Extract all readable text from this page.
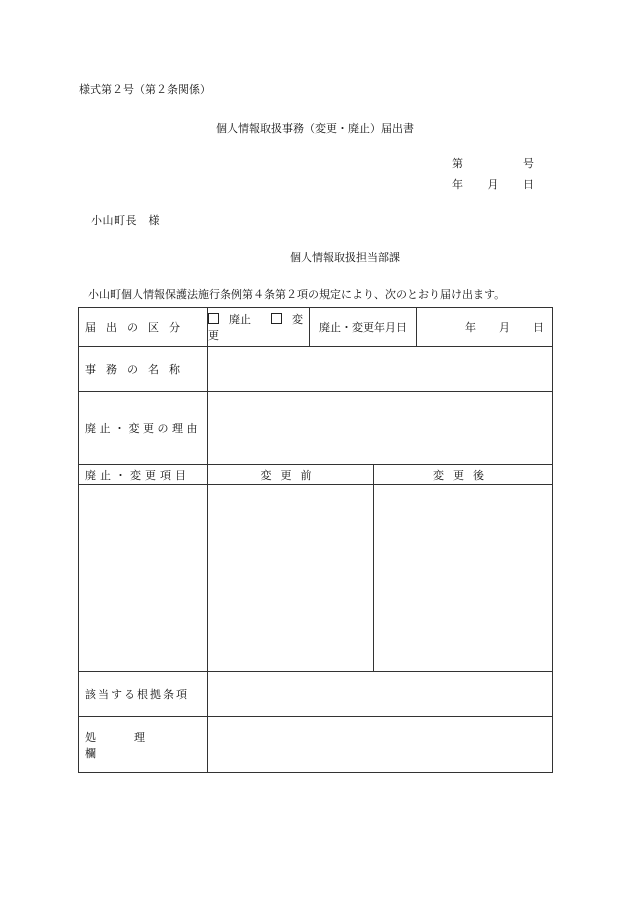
様式第２号（第２条関係）
個人情報取扱事務（変更・廃止）届出書
第	号
年 月 日
小山町長　様
個人情報取扱担当部課
小山町個人情報保護法施行条例第４条第２項の規定により、次のとおり届け出ます。
届出の区分	廃止 変更	廃止・変更年月日		年 月 日

事務の名称				

廃止・変更の理由				

廃止・変更項目	変更前		変更後	

該当する根拠条項				

処理欄				
